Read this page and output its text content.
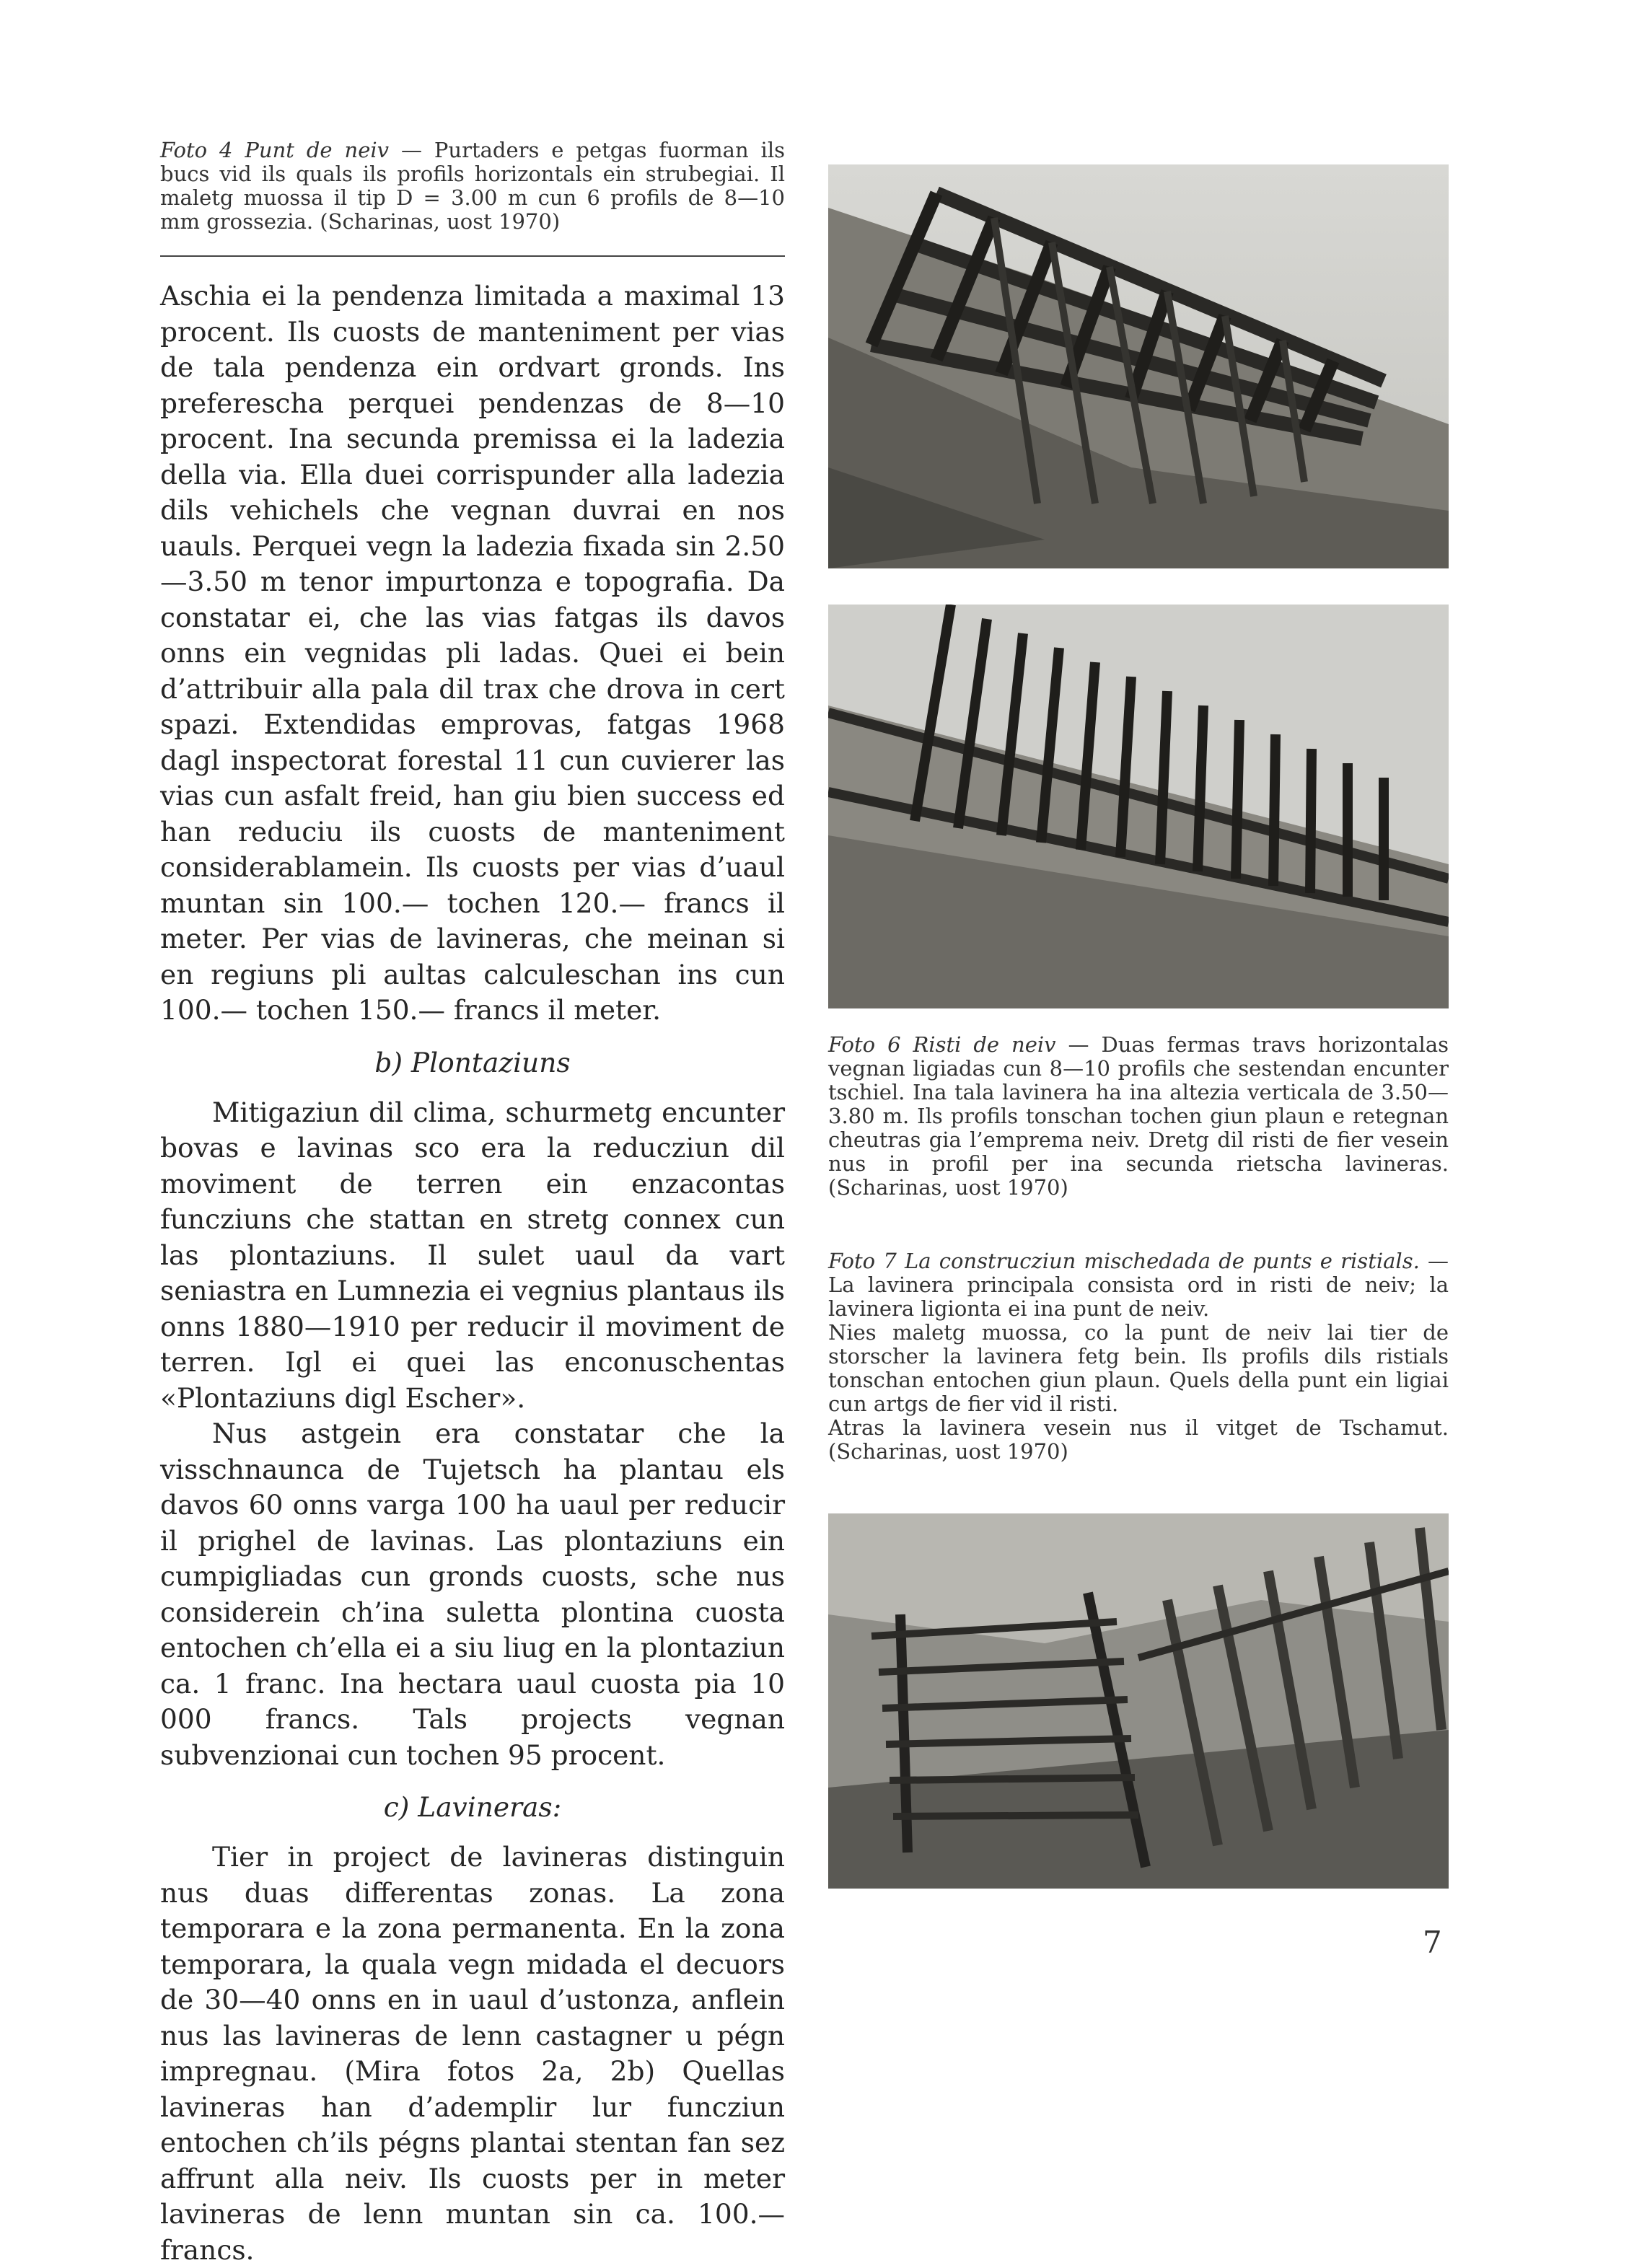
Foto 4 Punt de neiv — Purtaders e petgas fuorman ils bucs vid ils quals ils profils horizontals ein strubegiai. Il maletg muossa il tip D = 3.00 m cun 6 profils de 8—10 mm grossezia. (Scharinas, uost 1970)

Aschia ei la pendenza limitada a maximal 13 procent. Ils cuosts de manteniment per vias de tala pendenza ein ordvart gronds. Ins preferescha perquei pendenzas de 8—10 procent. Ina secunda premissa ei la ladezia della via. Ella duei corrispunder alla ladezia dils vehichels che vegnan duvrai en nos uauls. Perquei vegn la ladezia fixada sin 2.50—3.50 m tenor impurtonza e topografia. Da constatar ei, che las vias fatgas ils davos onns ein vegnidas pli ladas. Quei ei bein d’attribuir alla pala dil trax che drova in cert spazi. Extendidas emprovas, fatgas 1968 dagl inspectorat forestal 11 cun cuvierer las vias cun asfalt freid, han giu bien success ed han reduciu ils cuosts de manteniment considerablamein. Ils cuosts per vias d’uaul muntan sin 100.— tochen 120.— francs il meter. Per vias de lavineras, che meinan si en regiuns pli aultas calculeschan ins cun 100.— tochen 150.— francs il meter.

b) Plontaziuns

Mitigaziun dil clima, schurmetg encunter bovas e lavinas sco era la reducziun dil moviment de terren ein enzacontas funcziuns che stattan en stretg connex cun las plontaziuns. Il sulet uaul da vart seniastra en Lumnezia ei vegnius plantaus ils onns 1880—1910 per reducir il moviment de terren. Igl ei quei las enconuschentas «Plontaziuns digl Escher».

Nus astgein era constatar che la visschnaunca de Tujetsch ha plantau els davos 60 onns varga 100 ha uaul per reducir il prighel de lavinas. Las plontaziuns ein cumpigliadas cun gronds cuosts, sche nus considerein ch’ina suletta plontina cuosta entochen ch’ella ei a siu liug en la plontaziun ca. 1 franc. Ina hectara uaul cuosta pia 10 000 francs. Tals projects vegnan subvenzionai cun tochen 95 procent.

c) Lavineras:

Tier in project de lavineras distinguin nus duas differentas zonas. La zona temporara e la zona permanenta. En la zona temporara, la quala vegn midada el decuors de 30—40 onns en in uaul d’ustonza, anflein nus las lavineras de lenn castagner u pégn impregnau. (Mira fotos 2a, 2b) Quellas lavineras han d’ademplir lur funcziun entochen ch’ils pégns plantai stentan fan sez affrunt alla neiv. Ils cuosts per in meter lavineras de lenn muntan sin ca. 100.— francs.

Foto 6 Risti de neiv — Duas fermas travs horizontalas vegnan ligiadas cun 8—10 profils che sestendan encunter tschiel. Ina tala lavinera ha ina altezia verticala de 3.50—3.80 m. Ils profils tonschan tochen giun plaun e retegnan cheutras gia l’emprema neiv. Dretg dil risti de fier vesein nus in profil per ina secunda rietscha lavineras. (Scharinas, uost 1970)

Foto 7 La construcziun mischedada de punts e ristials. — La lavinera principala consista ord in risti de neiv; la lavinera ligionta ei ina punt de neiv.

Nies maletg muossa, co la punt de neiv lai tier de storscher la lavinera fetg bein. Ils profils dils ristials tonschan entochen giun plaun. Quels della punt ein ligiai cun artgs de fier vid il risti.

Atras la lavinera vesein nus il vitget de Tschamut. (Scharinas, uost 1970)

7
